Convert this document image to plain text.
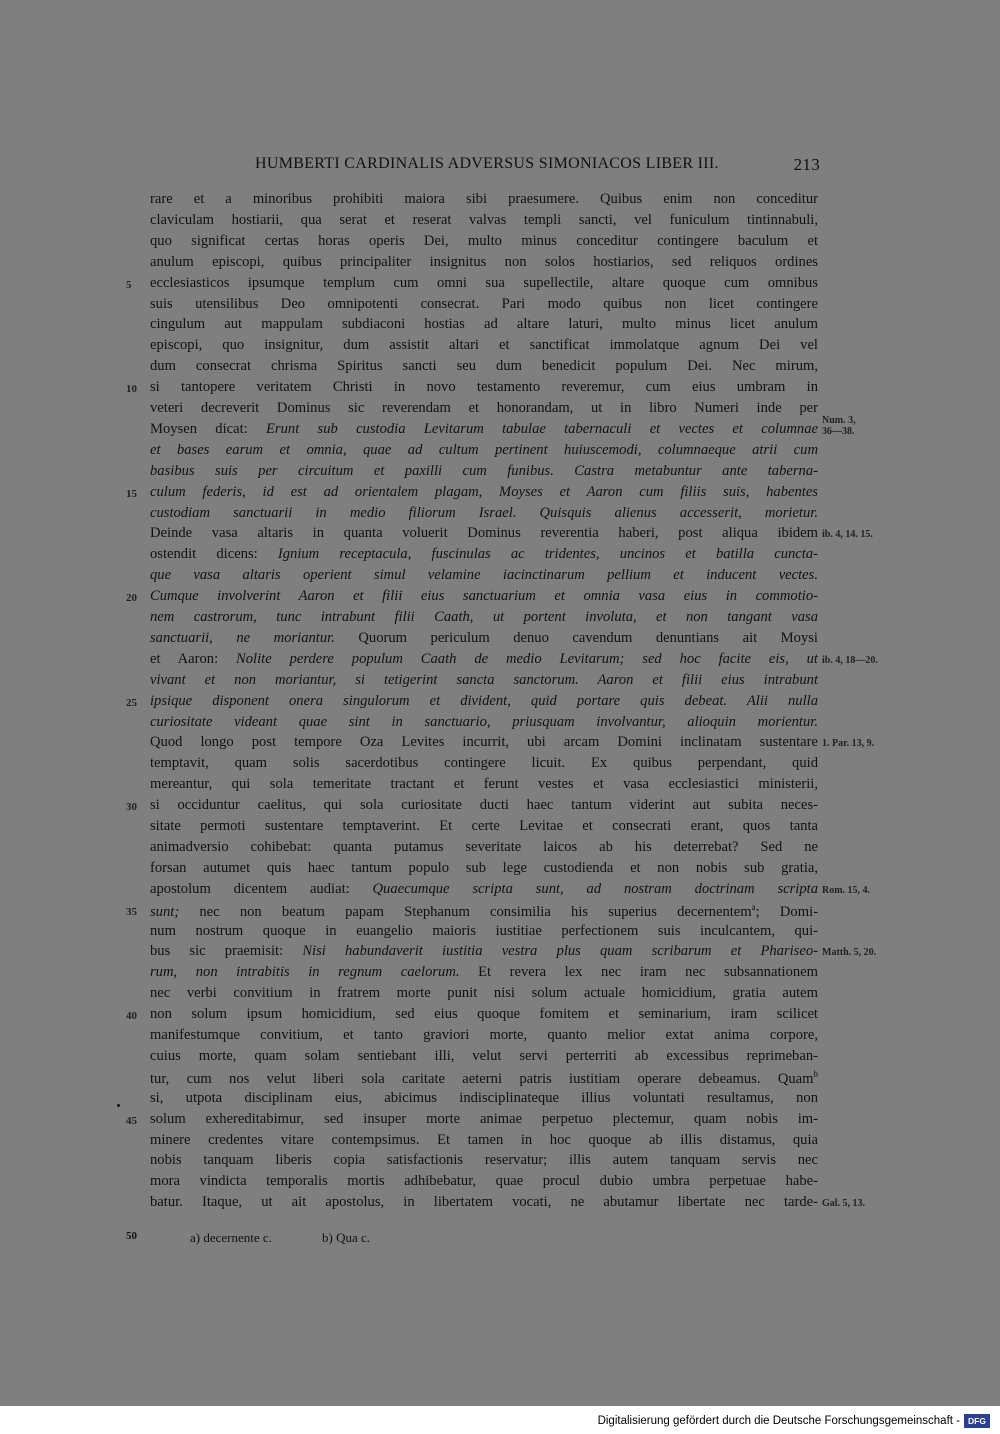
HUMBERTI CARDINALIS ADVERSUS SIMONIACOS LIBER III.	213
rare et a minoribus prohibiti maiora sibi praesumere. Quibus enim non conceditur
claviculam hostiarii, qua serat et reserat valvas templi sancti, vel funiculum tintinnabuli,
quo significat certas horas operis Dei, multo minus conceditur contingere baculum et
anulum episcopi, quibus principaliter insignitus non solos hostiarios, sed reliquos ordines
ecclesiasticos ipsumque templum cum omni sua supellectile, altare quoque cum omnibus
5
suis utensilibus Deo omnipotenti consecrat. Pari modo quibus non licet contingere
cingulum aut mappulam subdiaconi hostias ad altare laturi, multo minus licet anulum
episcopi, quo insignitur, dum assistit altari et sanctificat immolatque agnum Dei vel
dum consecrat chrisma Spiritus sancti seu dum benedicit populum Dei. Nec mirum,
si tantopere veritatem Christi in novo testamento reveremur, cum eius umbram in
10
veteri decreverit Dominus sic reverendam et honorandam, ut in libro Numeri inde per
Moysen dicat: Erunt sub custodia Levitarum tabulae tabernaculi et vectes et columnae
Num. 3,
36—38.
et bases earum et omnia, quae ad cultum pertinent huiuscemodi, columnaeque atrii cum
basibus suis per circuitum et paxilli cum funibus. Castra metabuntur ante taberna-
culum federis, id est ad orientalem plagam, Moyses et Aaron cum filiis suis, habentes
15
custodiam sanctuarii in medio filiorum Israel. Quisquis alienus accesserit, morietur.
Deinde vasa altaris in quanta voluerit Dominus reverentia haberi, post aliqua ibidem ib. 4, 14. 15.
ostendit dicens: Ignium receptacula, fuscinulas ac tridentes, uncinos et batilla cuncta-
que vasa altaris operient simul velamine iacinctinarum pellium et inducent vectes.
Cumque involverint Aaron et filii eius sanctuarium et omnia vasa eius in commotio-
20
nem castrorum, tunc intrabunt filii Caath, ut portent involuta, et non tangant vasa
sanctuarii, ne moriantur. Quorum periculum denuo cavendum denuntians ait Moysi
et Aaron: Nolite perdere populum Caath de medio Levitarum; sed hoc facite eis, ut ib. 4, 18—20.
vivant et non moriantur, si tetigerint sancta sanctorum. Aaron et filii eius intrabunt
ipsique disponent onera singulorum et divident, quid portare quis debeat. Alii nulla
25
curiositate videant quae sint in sanctuario, priusquam involvantur, alioquin morientur.
Quod longo post tempore Oza Levites incurrit, ubi arcam Domini inclinatam sustentare 1. Par. 13, 9.
temptavit, quam solis sacerdotibus contingere licuit. Ex quibus perpendant, quid
mereantur, qui sola temeritate tractant et ferunt vestes et vasa ecclesiastici ministerii,
si occiduntur caelitus, qui sola curiositate ducti haec tantum viderint aut subita neces-
30
sitate permoti sustentare temptaverint. Et certe Levitae et consecrati erant, quos tanta
animadversio cohibebat: quanta putamus severitate laicos ab his deterrebat? Sed ne
forsan autumet quis haec tantum populo sub lege custodienda et non nobis sub gratia,
apostolum dicentem audiat: Quaecumque scripta sunt, ad nostram doctrinam scripta Rom. 15, 4.
sunt; nec non beatum papam Stephanum consimilia his superius decernentem$^a$; Domi-
35
num nostrum quoque in euangelio maioris iustitiae perfectionem suis inculcantem, qui-
bus sic praemisit: Nisi habundaverit iustitia vestra plus quam scribarum et Phariseo- Matth. 5, 20.
rum, non intrabitis in regnum caelorum. Et revera lex nec iram nec subsannationem
nec verbi convitium in fratrem morte punit nisi solum actuale homicidium, gratia autem
non solum ipsum homicidium, sed eius quoque fomitem et seminarium, iram scilicet
40
manifestumque convitium, et tanto graviori morte, quanto melior extat anima corpore,
cuius morte, quam solam sentiebant illi, velut servi perterriti ab excessibus reprimeban-
tur, cum nos velut liberi sola caritate aeterni patris iustitiam operare debeamus. Quam$^b$
si, utpota disciplinam eius, abicimus indisciplinateque illius voluntati resultamus, non
solum exhereditabimur, sed insuper morte animae perpetuo plectemur, quam nobis im-
45
minere credentes vitare contempsimus. Et tamen in hoc quoque ab illis distamus, quia
nobis tanquam liberis copia satisfactionis reservatur; illis autem tanquam servis nec
mora vindicta temporalis mortis adhibebatur, quae procul dubio umbra perpetuae habe-
batur. Itaque, ut ait apostolus, in libertatem vocati, ne abutamur libertate nec tarde- Gal. 5, 13.
50	a) decernente c.	b) Qua c.
Digitalisierung gefördert durch die Deutsche Forschungsgemeinschaft - DFG
